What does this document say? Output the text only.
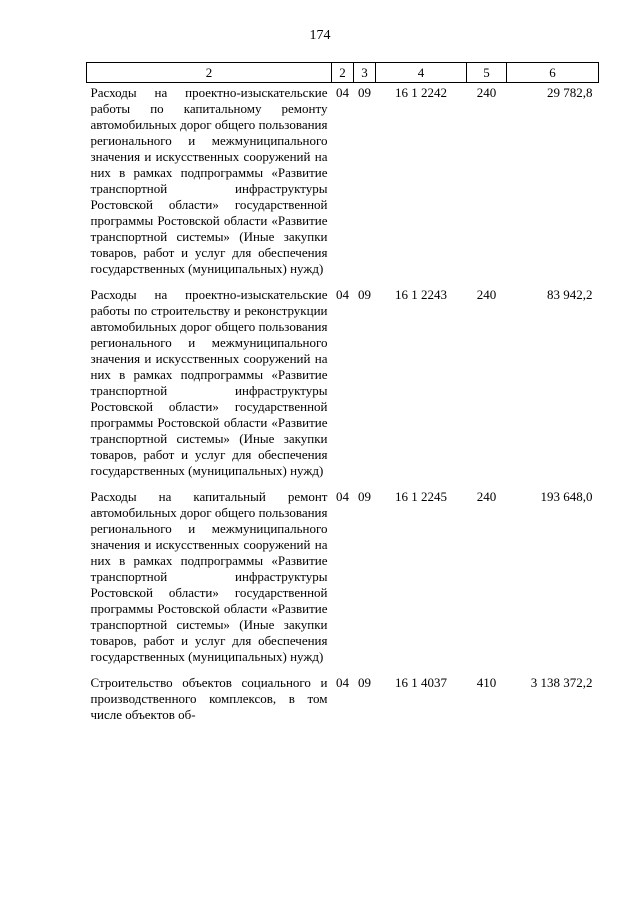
174
2	2	3	4	5	6
Расходы на проектно-изыскательские работы по капитальному ремонту автомобильных дорог общего пользования регионального и межмуниципального значения и искусственных сооружений на них в рамках подпрограммы «Развитие транспортной инфраструктуры Ростовской области» государственной программы Ростовской области «Развитие транспортной системы» (Иные закупки товаров, работ и услуг для обеспечения государственных (муниципальных) нужд)	04	09	16 1 2242	240	29 782,8
Расходы на проектно-изыскательские работы по строительству и реконструкции автомобильных дорог общего пользования регионального и межмуниципального значения и искусственных сооружений на них в рамках подпрограммы «Развитие транспортной инфраструктуры Ростовской области» государственной программы Ростовской области «Развитие транспортной системы» (Иные закупки товаров, работ и услуг для обеспечения государственных (муниципальных) нужд)	04	09	16 1 2243	240	83 942,2
Расходы на капитальный ремонт автомобильных дорог общего пользования регионального и межмуниципального значения и искусственных сооружений на них в рамках подпрограммы «Развитие транспортной инфраструктуры Ростовской области» государственной программы Ростовской области «Развитие транспортной системы» (Иные закупки товаров, работ и услуг для обеспечения государственных (муниципальных) нужд)	04	09	16 1 2245	240	193 648,0
Строительство объектов социального и производственного комплексов, в том числе объектов об-	04	09	16 1 4037	410	3 138 372,2
